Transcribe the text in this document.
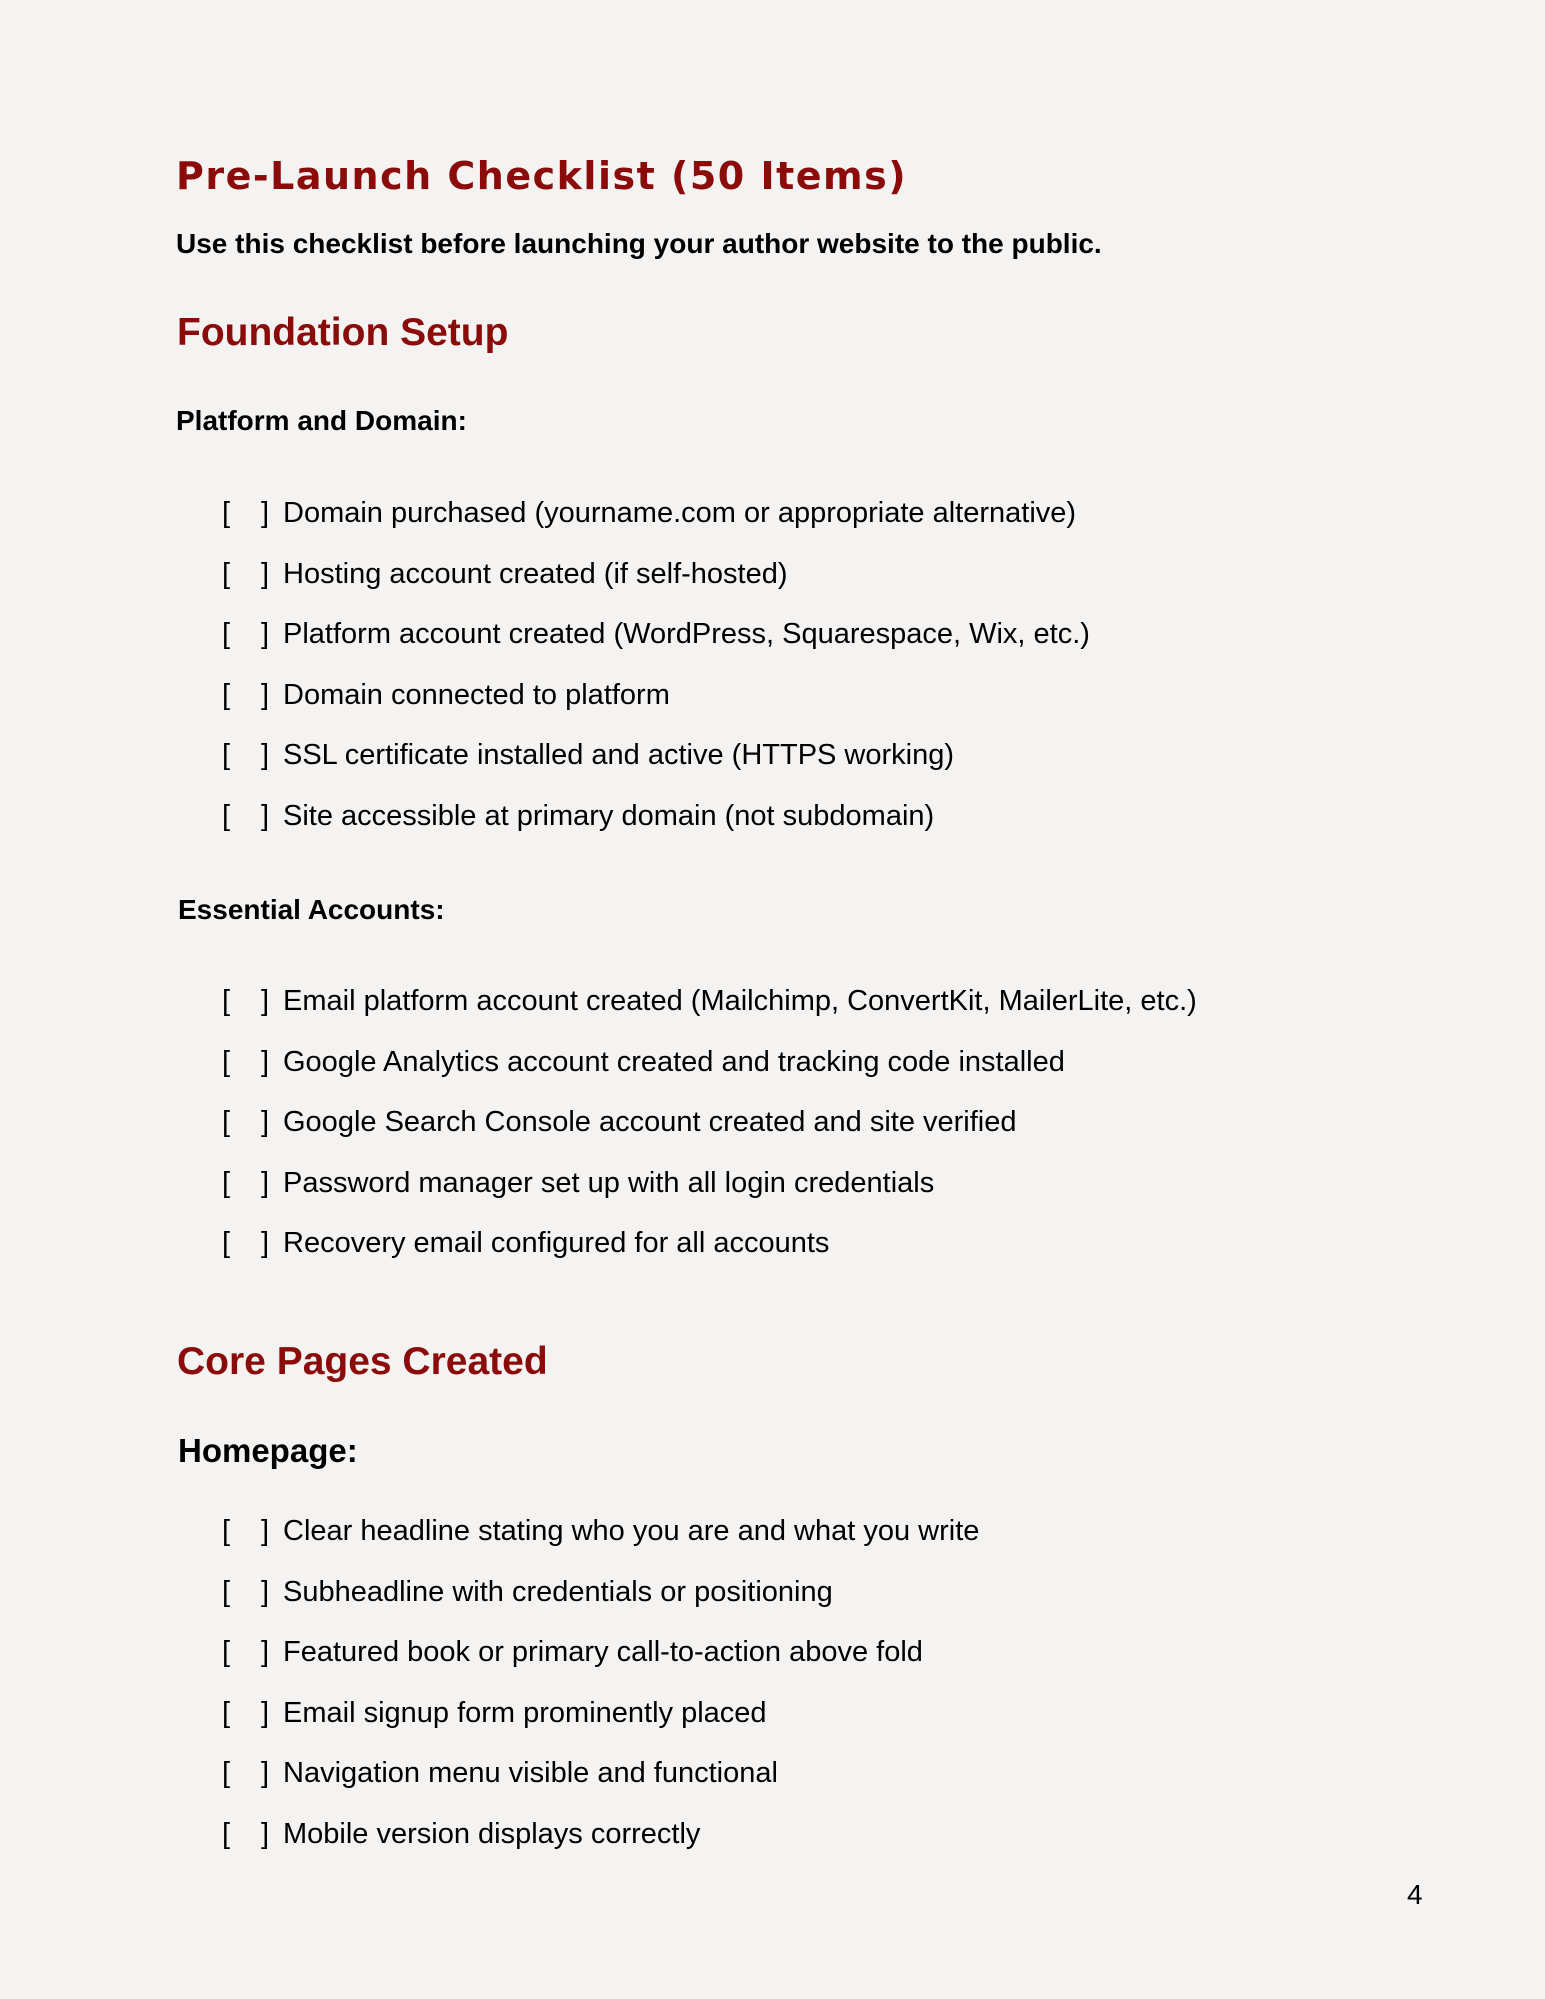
Pre-Launch Checklist (50 Items)

Use this checklist before launching your author website to the public.

Foundation Setup
Platform and Domain:
[ ] Domain purchased (yourname.com or appropriate alternative)
[ ] Hosting account created (if self-hosted)
[ ] Platform account created (WordPress, Squarespace, Wix, etc.)
[ ] Domain connected to platform
[ ] SSL certificate installed and active (HTTPS working)
[ ] Site accessible at primary domain (not subdomain)
Essential Accounts:
[ ] Email platform account created (Mailchimp, ConvertKit, MailerLite, etc.)
[ ] Google Analytics account created and tracking code installed
[ ] Google Search Console account created and site verified
[ ] Password manager set up with all login credentials
[ ] Recovery email configured for all accounts
Core Pages Created
Homepage:
[ ] Clear headline stating who you are and what you write
[ ] Subheadline with credentials or positioning
[ ] Featured book or primary call-to-action above fold
[ ] Email signup form prominently placed
[ ] Navigation menu visible and functional
[ ] Mobile version displays correctly
4
